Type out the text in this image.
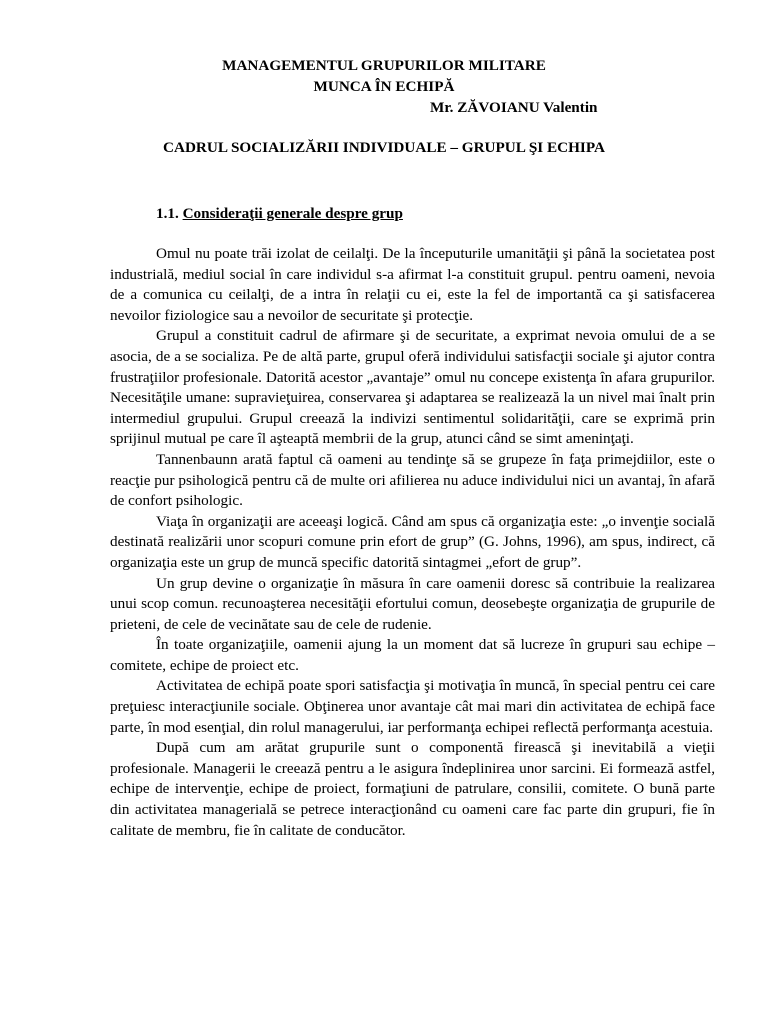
MANAGEMENTUL GRUPURILOR MILITARE
MUNCA ÎN ECHIPĂ
Mr. ZĂVOIANU Valentin
CADRUL SOCIALIZĂRII INDIVIDUALE – GRUPUL ŞI ECHIPA
1.1. Consideraţii generale despre grup

Omul nu poate trăi izolat de ceilalţi. De la începuturile umanităţii şi până la societatea post industrială, mediul social în care individul s-a afirmat l-a constituit grupul. pentru oameni, nevoia de a comunica cu ceilalţi, de a intra în relaţii cu ei, este la fel de importantă ca şi satisfacerea nevoilor fiziologice sau a nevoilor de securitate şi protecţie.

Grupul a constituit cadrul de afirmare şi de securitate, a exprimat nevoia omului de a se asocia, de a se socializa. Pe de altă parte, grupul oferă individului satisfacţii sociale şi ajutor contra frustraţiilor profesionale. Datorită acestor „avantaje” omul nu concepe existenţa în afara grupurilor. Necesităţile umane: supravieţuirea, conservarea şi adaptarea se realizează la un nivel mai înalt prin intermediul grupului. Grupul creează la indivizi sentimentul solidarităţii, care se exprimă prin sprijinul mutual pe care îl aşteaptă membrii de la grup, atunci când se simt ameninţaţi.

Tannenbaunn arată faptul că oameni au tendinţe să se grupeze în faţa primejdiilor, este o reacţie pur psihologică pentru că de multe ori afilierea nu aduce individului nici un avantaj, în afară de confort psihologic.

Viaţa în organizaţii are aceeaşi logică. Când am spus că organizaţia este: „o invenţie socială destinată realizării unor scopuri comune prin efort de grup” (G. Johns, 1996), am spus, indirect, că organizaţia este un grup de muncă specific datorită sintagmei „efort de grup”.

Un grup devine o organizaţie în măsura în care oamenii doresc să contribuie la realizarea unui scop comun. recunoaşterea necesităţii efortului comun, deosebeşte organizaţia de grupurile de prieteni, de cele de vecinătate sau de cele de rudenie.

În toate organizaţiile, oamenii ajung la un moment dat să lucreze în grupuri sau echipe – comitete, echipe de proiect etc.

Activitatea de echipă poate spori satisfacţia şi motivaţia în muncă, în special pentru cei care preţuiesc interacţiunile sociale. Obţinerea unor avantaje cât mai mari din activitatea de echipă face parte, în mod esenţial, din rolul managerului, iar performanţa echipei reflectă performanţa acestuia.

După cum am arătat grupurile sunt o componentă firească şi inevitabilă a vieţii profesionale. Managerii le creează pentru a le asigura îndeplinirea unor sarcini. Ei formează astfel, echipe de intervenţie, echipe de proiect, formaţiuni de patrulare, consilii, comitete. O bună parte din activitatea managerială se petrece interacţionând cu oameni care fac parte din grupuri, fie în calitate de membru, fie în calitate de conducător.
